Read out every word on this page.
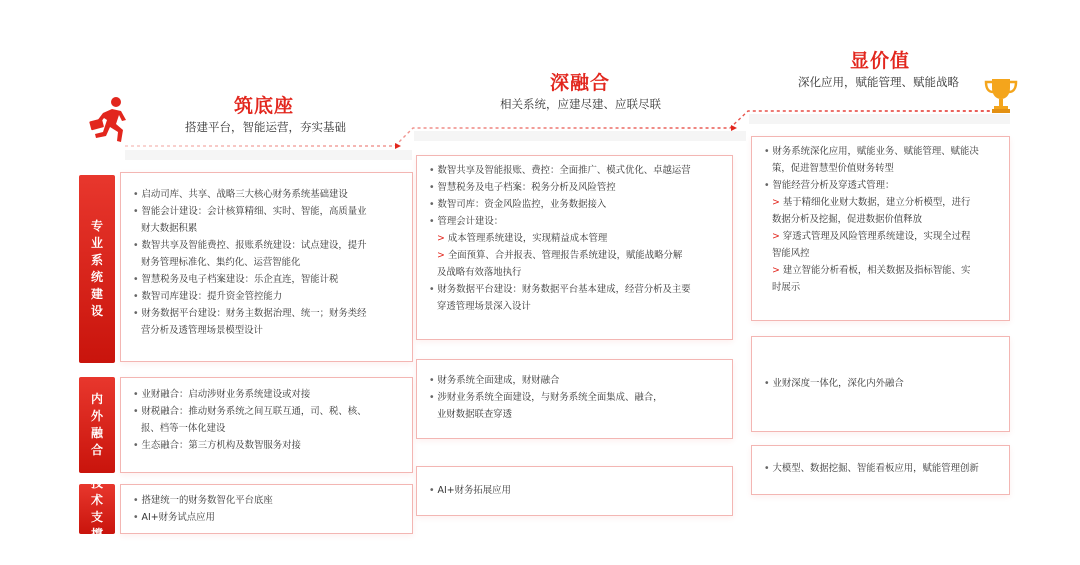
筑底座
搭建平台，智能运营，夯实基础
深融合
相关系统，应建尽建、应联尽联
显价值
深化应用，赋能管理、赋能战略
专业系统建设
内外融合
技术支撑
• 启动司库、共享、战略三大核心财务系统基础建设
• 智能会计建设：会计核算精细、实时、智能，高质量业
财大数据积累
• 数智共享及智能费控、报账系统建设：试点建设，提升
财务管理标准化、集约化、运营智能化
• 智慧税务及电子档案建设：乐企直连，智能计税
• 数智司库建设：提升资金管控能力
• 财务数据平台建设：财务主数据治理、统一；财务类经
营分析及透管理场景模型设计
• 数智共享及智能报账、费控：全面推广、模式优化、卓越运营
• 智慧税务及电子档案：税务分析及风险管控
• 数智司库：资金风险监控，业务数据接入
• 管理会计建设：
> 成本管理系统建设，实现精益成本管理
> 全面预算、合并报表、管理报告系统建设，赋能战略分解
及战略有效落地执行
• 财务数据平台建设：财务数据平台基本建成，经营分析及主要
穿透管理场景深入设计
• 财务系统深化应用，赋能业务、赋能管理、赋能决
策，促进智慧型价值财务转型
• 智能经营分析及穿透式管理：
> 基于精细化业财大数据，建立分析模型，进行
数据分析及挖掘，促进数据价值释放
> 穿透式管理及风险管理系统建设，实现全过程
智能风控
> 建立智能分析看板，相关数据及指标智能、实
时展示
• 业财融合：启动涉财业务系统建设或对接
• 财税融合：推动财务系统之间互联互通，司、税、核、
报、档等一体化建设
• 生态融合：第三方机构及数智服务对接
• 财务系统全面建成，财财融合
• 涉财业务系统全面建设，与财务系统全面集成、融合，
业财数据联查穿透
• 业财深度一体化，深化内外融合
• 搭建统一的财务数智化平台底座
• AI+财务试点应用
• AI+财务拓展应用
• 大模型、数据挖掘、智能看板应用，赋能管理创新
